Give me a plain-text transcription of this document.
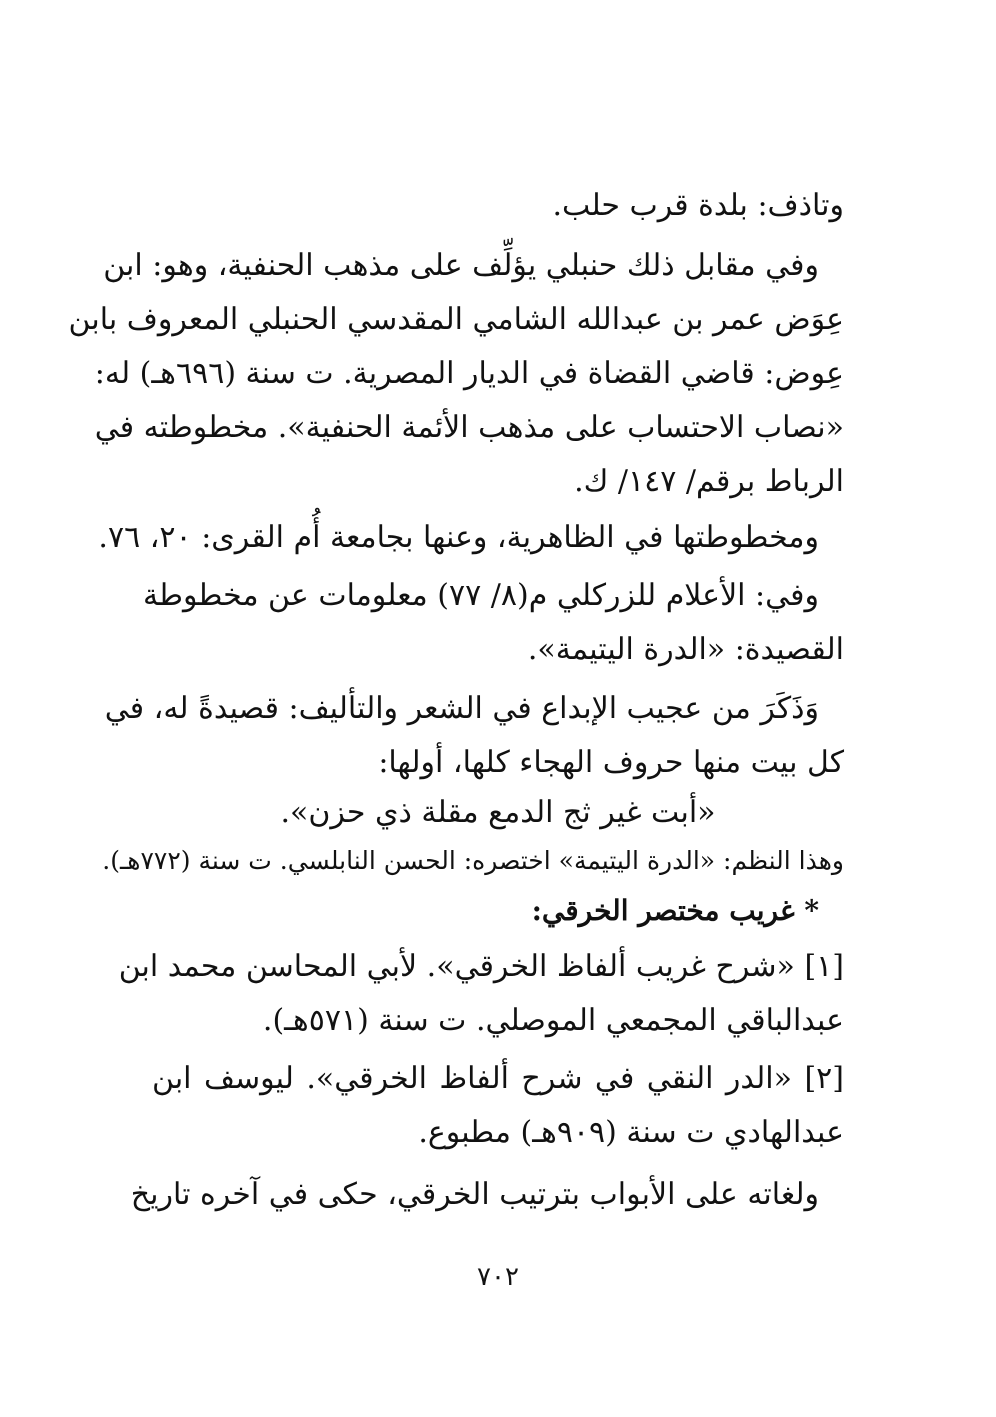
وتاذف: بلدة قرب حلب.
وفي مقابل ذلك حنبلي يؤلِّف على مذهب الحنفية، وهو: ابن
عِوَض عمر بن عبدالله الشامي المقدسي الحنبلي المعروف بابن
عِوض: قاضي القضاة في الديار المصرية. ت سنة (٦٩٦هـ) له:
«نصاب الاحتساب على مذهب الأئمة الحنفية». مخطوطته في
الرباط برقم/ ١٤٧/ ك.
ومخطوطتها في الظاهرية، وعنها بجامعة أُم القرى: ٢٠، ٧٦.
وفي: الأعلام للزركلي م(٨/ ٧٧) معلومات عن مخطوطة
القصيدة: «الدرة اليتيمة».
وَذَكَرَ من عجيب الإبداع في الشعر والتأليف: قصيدةً له، في
كل بيت منها حروف الهجاء كلها، أولها:
«أبت غير ثج الدمع مقلة ذي حزن».
وهذا النظم: «الدرة اليتيمة» اختصره: الحسن النابلسي. ت سنة (٧٧٢هـ).
* غريب مختصر الخرقي:
[١] «شرح غريب ألفاظ الخرقي». لأبي المحاسن محمد ابن
عبدالباقي المجمعي الموصلي. ت سنة (٥٧١هـ).
[٢] «الدر النقي في شرح ألفاظ الخرقي». ليوسف ابن
عبدالهادي ت سنة (٩٠٩هـ) مطبوع.
ولغاته على الأبواب بترتيب الخرقي، حكى في آخره تاريخ
٧٠٢
